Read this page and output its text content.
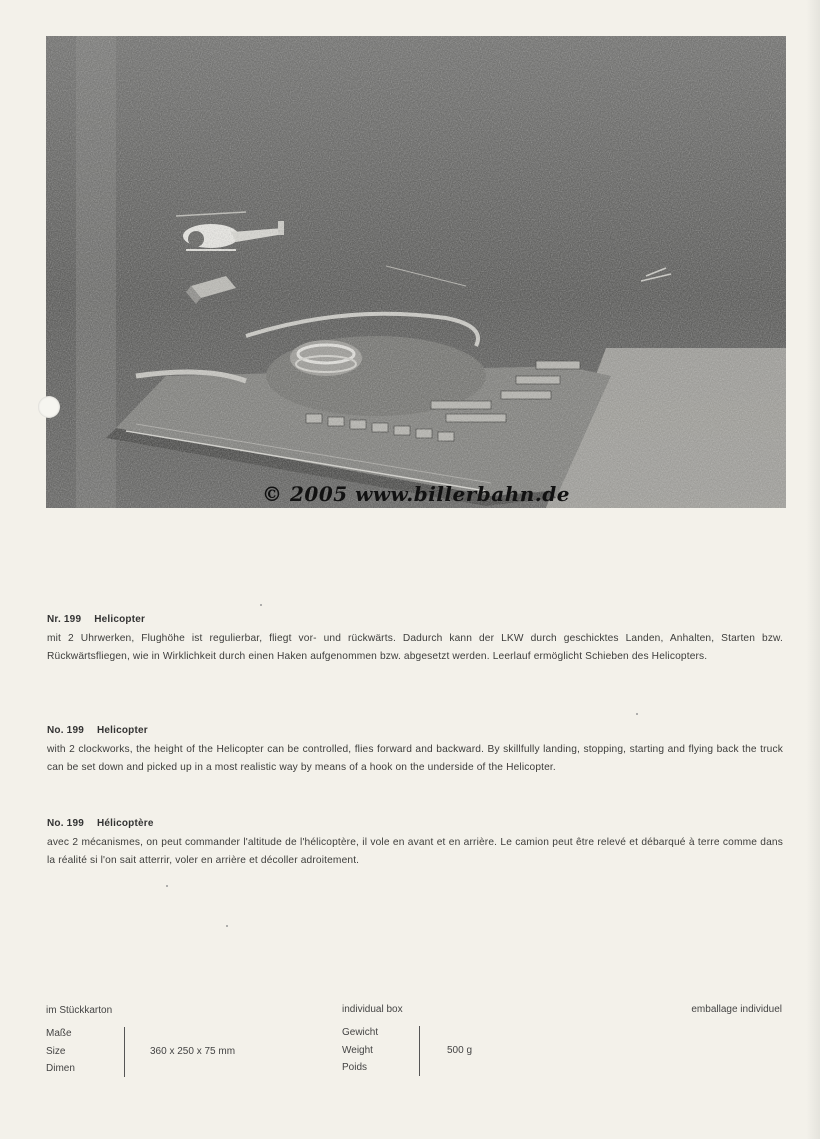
© 2005 www.billerbahn.de
Nr. 199 Helicopter
mit 2 Uhrwerken, Flughöhe ist regulierbar, fliegt vor- und rückwärts. Dadurch kann der LKW durch geschicktes Landen, Anhalten, Starten bzw. Rückwärtsfliegen, wie in Wirklichkeit durch einen Haken aufgenommen bzw. abgesetzt werden. Leerlauf ermöglicht Schieben des Helicopters.
No. 199 Helicopter
with 2 clockworks, the height of the Helicopter can be controlled, flies forward and backward. By skillfully landing, stopping, starting and flying back the truck can be set down and picked up in a most realistic way by means of a hook on the underside of the Helicopter.
No. 199 Hélicoptère
avec 2 mécanismes, on peut commander l'altitude de l'hélicoptère, il vole en avant et en arrière. Le camion peut être relevé et débarqué à terre comme dans la réalité si l'on sait atterrir, voler en arrière et décoller adroitement.
im Stückkarton	individual box	emballage individuel
Maße
Size
Dimen
360 x 250 x 75 mm
Gewicht
Weight
Poids
500 g
